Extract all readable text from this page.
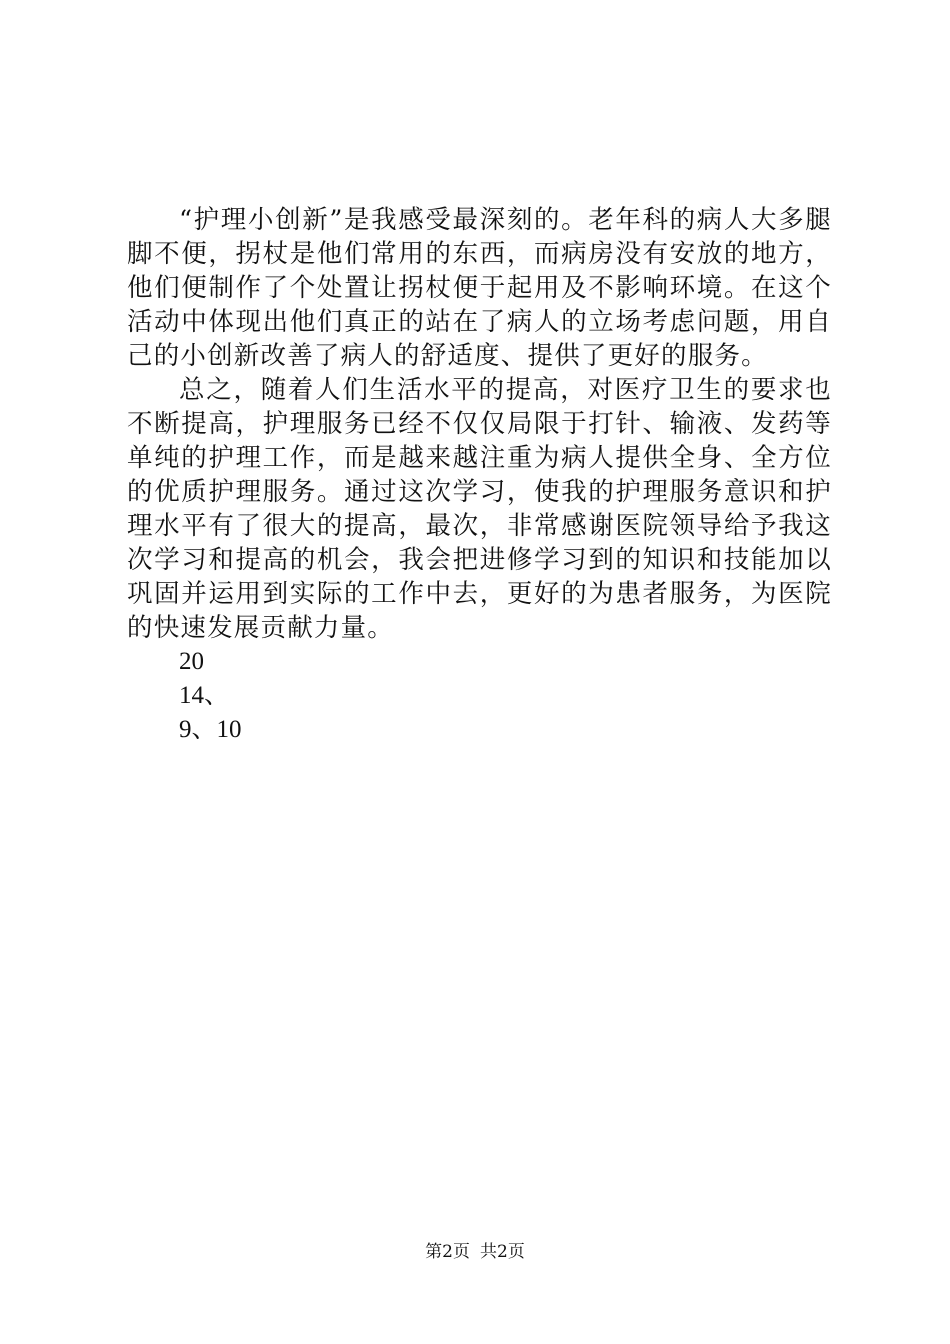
“护理小创新”是我感受最深刻的。老年科的病人大多腿脚不便，拐杖是他们常用的东西，而病房没有安放的地方，他们便制作了个处置让拐杖便于起用及不影响环境。在这个活动中体现出他们真正的站在了病人的立场考虑问题，用自己的小创新改善了病人的舒适度、提供了更好的服务。

总之，随着人们生活水平的提高，对医疗卫生的要求也不断提高，护理服务已经不仅仅局限于打针、输液、发药等单纯的护理工作，而是越来越注重为病人提供全身、全方位的优质护理服务。通过这次学习，使我的护理服务意识和护理水平有了很大的提高，最次，非常感谢医院领导给予我这次学习和提高的机会，我会把进修学习到的知识和技能加以巩固并运用到实际的工作中去，更好的为患者服务，为医院的快速发展贡献力量。

20

14、

9、10

第2页 共2页
